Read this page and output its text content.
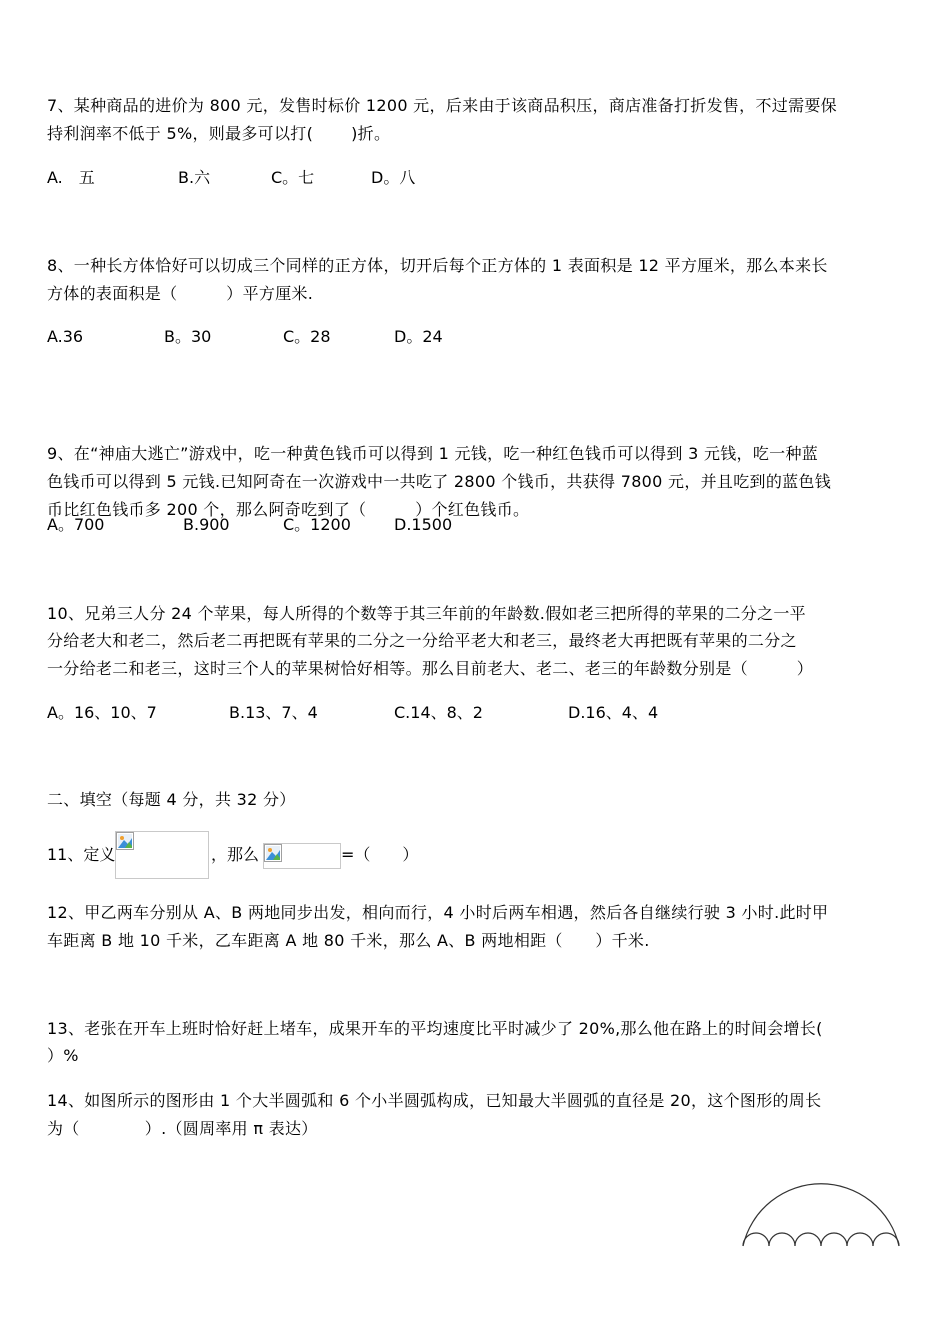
7、某种商品的进价为 800 元，发售时标价 1200 元，后来由于该商品积压，商店准备打折发售，不过需要保
持利润率不低于 5%，则最多可以打(　　 )折。
A.　五	B.六	C。七	D。八
8、一种长方体恰好可以切成三个同样的正方体，切开后每个正方体的 1 表面积是 12 平方厘米，那么本来长
方体的表面积是（　　　）平方厘米.
A.36	B。30	C。28	D。24
9、在“神庙大逃亡”游戏中，吃一种黄色钱币可以得到 1 元钱，吃一种红色钱币可以得到 3 元钱，吃一种蓝
色钱币可以得到 5 元钱.已知阿奇在一次游戏中一共吃了 2800 个钱币，共获得 7800 元，并且吃到的蓝色钱
币比红色钱币多 200 个，那么阿奇吃到了（　　　）个红色钱币。
A。700	B.900	C。1200	D.1500
10、兄弟三人分 24 个苹果，每人所得的个数等于其三年前的年龄数.假如老三把所得的苹果的二分之一平
分给老大和老二，然后老二再把既有苹果的二分之一分给平老大和老三，最终老大再把既有苹果的二分之
一分给老二和老三，这时三个人的苹果树恰好相等。那么目前老大、老二、老三的年龄数分别是（　　　）
A。16、10、7	B.13、7、4	C.14、8、2	D.16、4、4
二、填空（每题 4 分，共 32 分）
11、定义	，那么	=（　　）
12、甲乙两车分别从 A、B 两地同步出发，相向而行，4 小时后两车相遇，然后各自继续行驶 3 小时.此时甲
车距离 B 地 10 千米，乙车距离 A 地 80 千米，那么 A、B 两地相距（　　）千米.
13、老张在开车上班时恰好赶上堵车，成果开车的平均速度比平时减少了 20%,那么他在路上的时间会增长(
）%
14、如图所示的图形由 1 个大半圆弧和 6 个小半圆弧构成，已知最大半圆弧的直径是 20，这个图形的周长
为（　　　　）.（圆周率用 π 表达）
